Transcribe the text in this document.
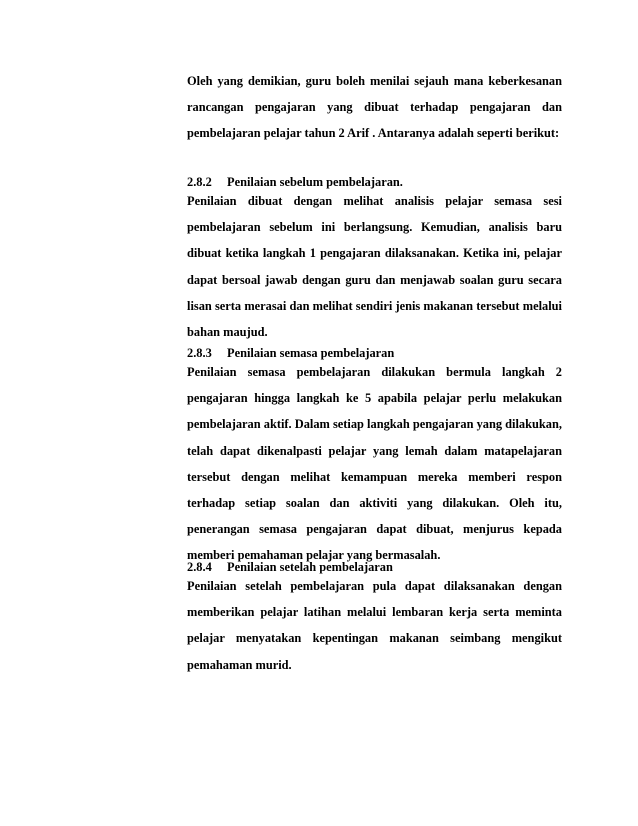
Oleh yang demikian, guru boleh menilai sejauh mana keberkesanan rancangan pengajaran yang dibuat terhadap pengajaran dan pembelajaran pelajar tahun 2 Arif . Antaranya adalah seperti berikut:

2.8.2 Penilaian sebelum pembelajaran.

Penilaian dibuat dengan melihat analisis pelajar semasa sesi pembelajaran sebelum ini berlangsung. Kemudian, analisis baru dibuat ketika langkah 1 pengajaran dilaksanakan. Ketika ini, pelajar dapat bersoal jawab dengan guru dan menjawab soalan guru secara lisan serta merasai dan melihat sendiri jenis makanan tersebut melalui bahan maujud.

2.8.3 Penilaian semasa pembelajaran

Penilaian semasa pembelajaran dilakukan bermula langkah 2 pengajaran hingga langkah ke 5 apabila pelajar perlu melakukan pembelajaran aktif. Dalam setiap langkah pengajaran yang dilakukan, telah dapat dikenalpasti pelajar yang lemah dalam matapelajaran tersebut dengan melihat kemampuan mereka memberi respon terhadap setiap soalan dan aktiviti yang dilakukan. Oleh itu, penerangan semasa pengajaran dapat dibuat, menjurus kepada memberi pemahaman pelajar yang bermasalah.

2.8.4 Penilaian setelah pembelajaran

Penilaian setelah pembelajaran pula dapat dilaksanakan dengan memberikan pelajar latihan melalui lembaran kerja serta meminta pelajar menyatakan kepentingan makanan seimbang mengikut pemahaman murid.
